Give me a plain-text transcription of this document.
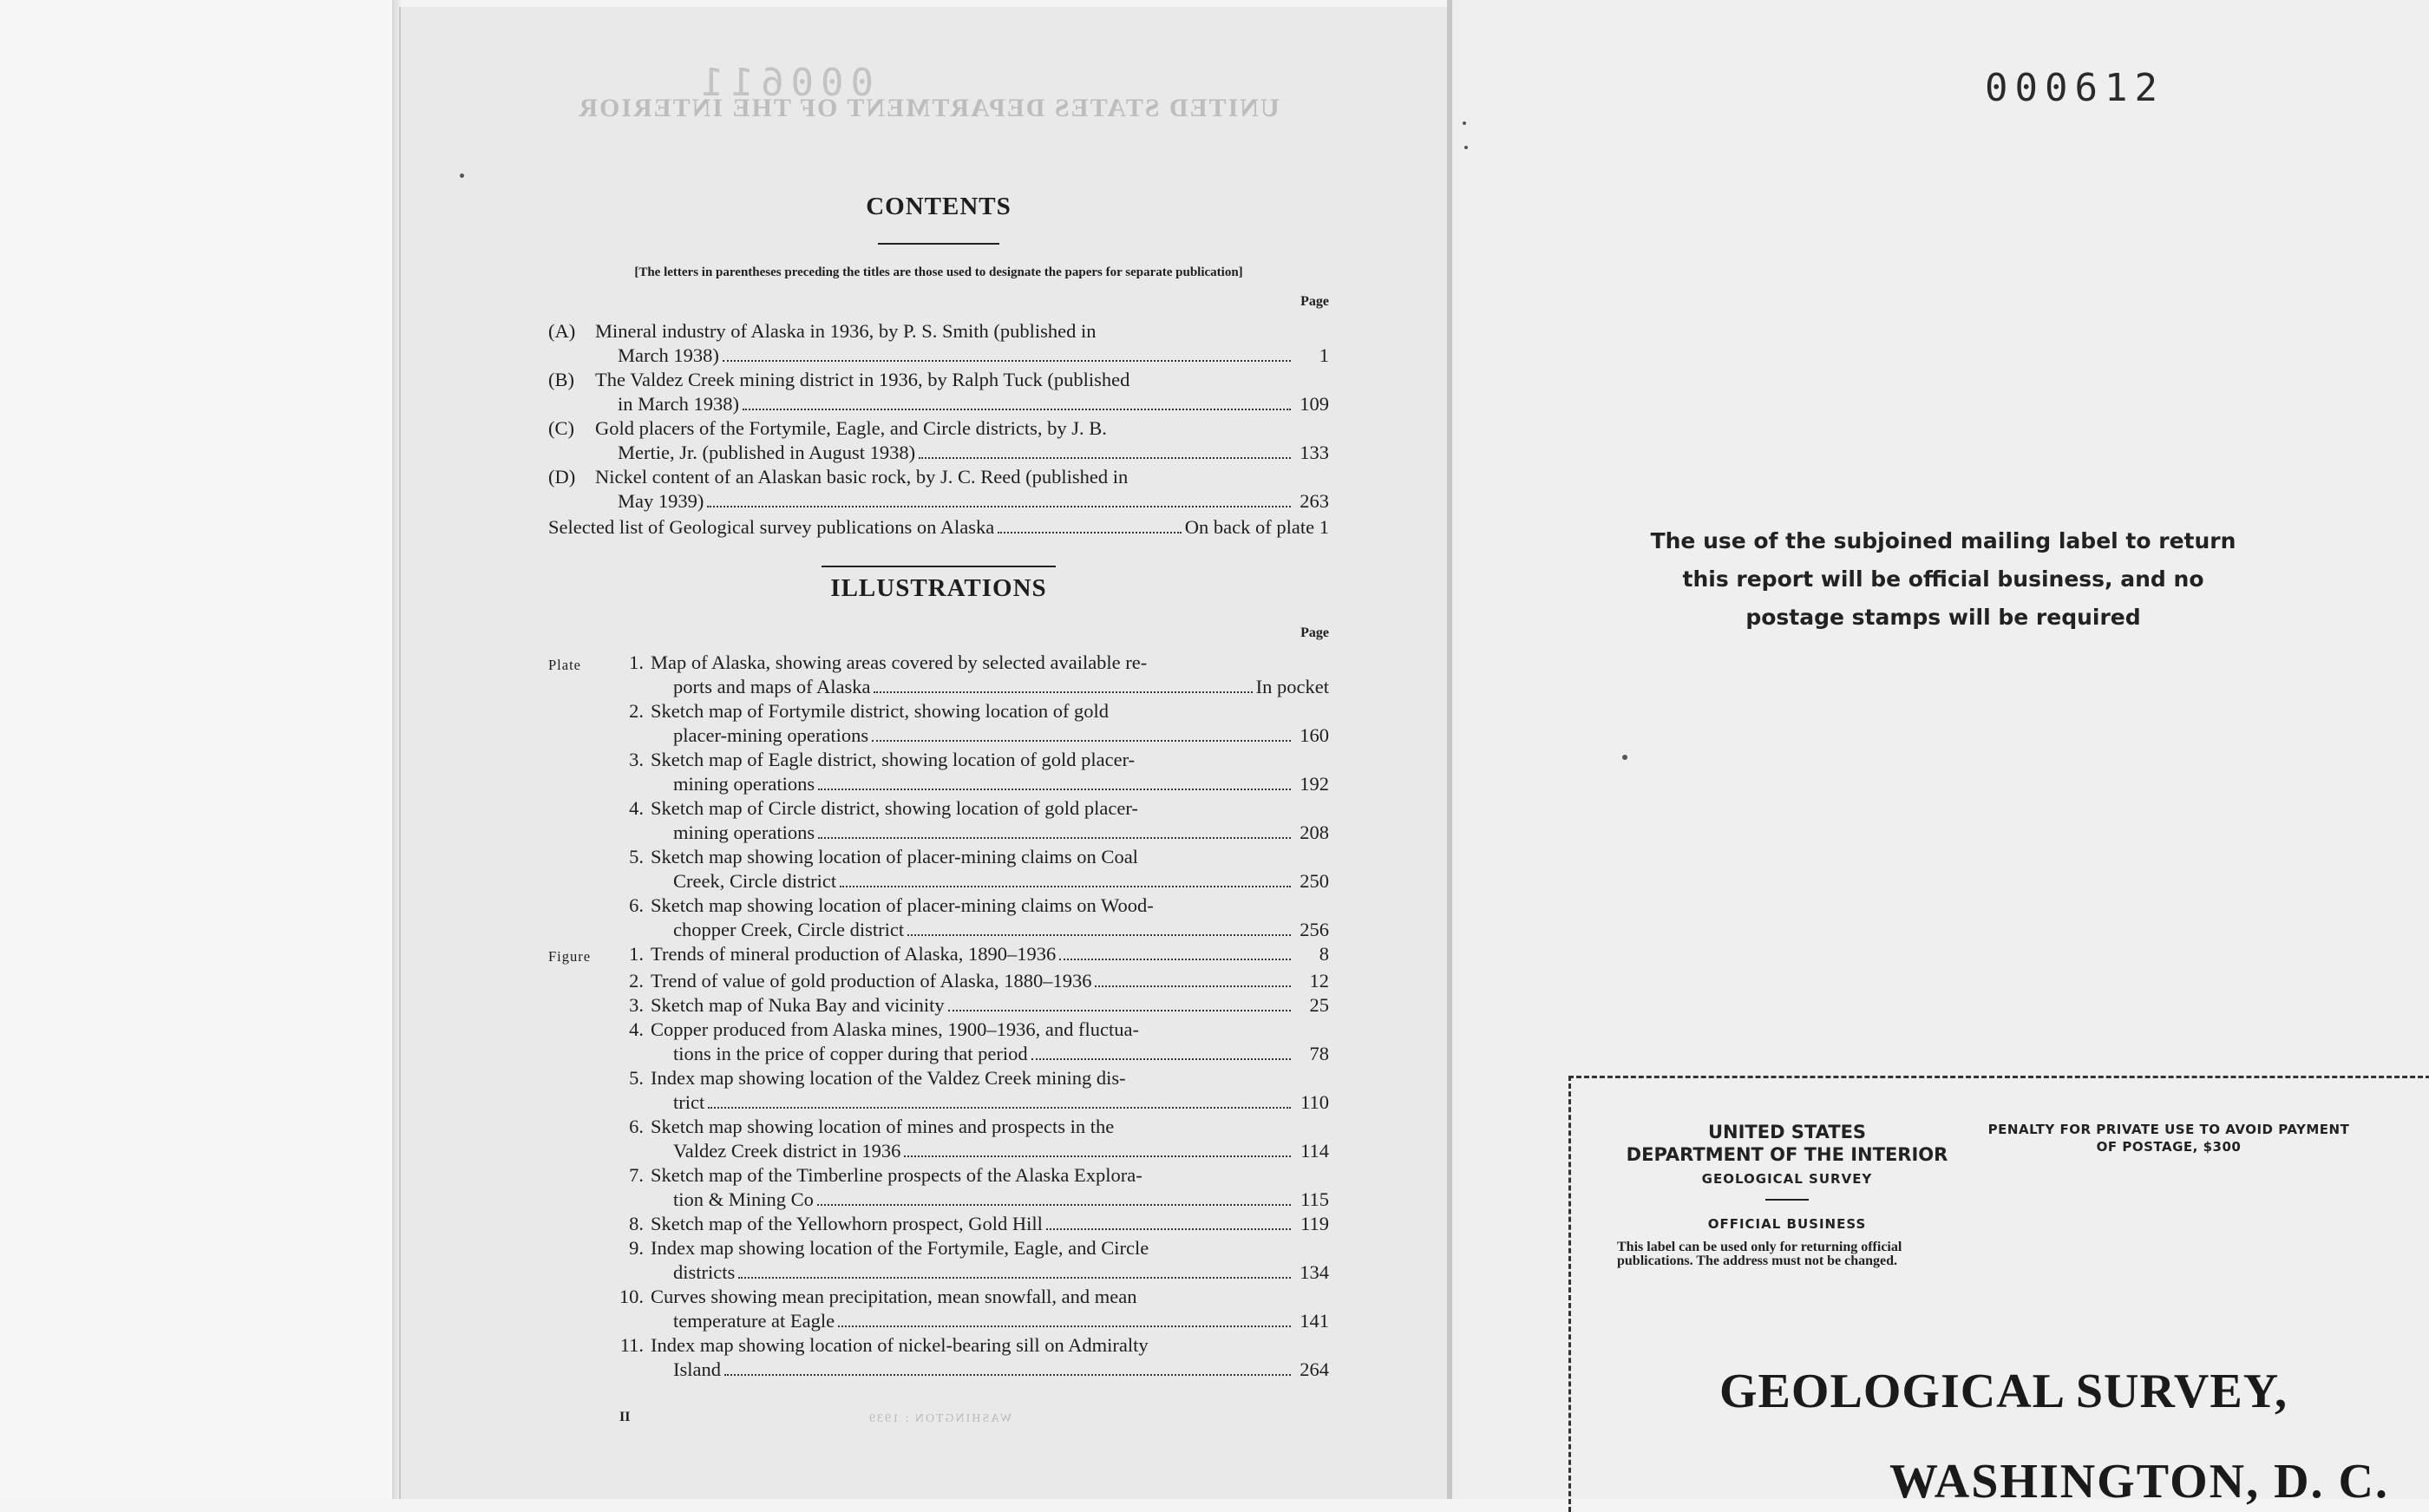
000611
UNITED STATES DEPARTMENT OF THE INTERIOR
CONTENTS
[The letters in parentheses preceding the titles are those used to designate the papers for separate publication]
Page
(A)	Mineral industry of Alaska in 1936, by P. S. Smith (published in
March 1938)	1
(B)	The Valdez Creek mining district in 1936, by Ralph Tuck (published
in March 1938)	109
(C)	Gold placers of the Fortymile, Eagle, and Circle districts, by J. B.
Mertie, Jr. (published in August 1938)	133
(D)	Nickel content of an Alaskan basic rock, by J. C. Reed (published in
May 1939)	263
Selected list of Geological survey publications on Alaska	On back of plate 1
ILLUSTRATIONS
Page
Plate	1. Map of Alaska, showing areas covered by selected available re-
ports and maps of Alaska	In pocket
2. Sketch map of Fortymile district, showing location of gold
placer-mining operations	160
3. Sketch map of Eagle district, showing location of gold placer-
mining operations	192
4. Sketch map of Circle district, showing location of gold placer-
mining operations	208
5. Sketch map showing location of placer-mining claims on Coal
Creek, Circle district	250
6. Sketch map showing location of placer-mining claims on Wood-
chopper Creek, Circle district	256
Figure	1. Trends of mineral production of Alaska, 1890–1936	8
2. Trend of value of gold production of Alaska, 1880–1936	12
3. Sketch map of Nuka Bay and vicinity	25
4. Copper produced from Alaska mines, 1900–1936, and fluctua-
tions in the price of copper during that period	78
5. Index map showing location of the Valdez Creek mining dis-
trict	110
6. Sketch map showing location of mines and prospects in the
Valdez Creek district in 1936	114
7. Sketch map of the Timberline prospects of the Alaska Explora-
tion & Mining Co	115
8. Sketch map of the Yellowhorn prospect, Gold Hill	119
9. Index map showing location of the Fortymile, Eagle, and Circle
districts	134
10. Curves showing mean precipitation, mean snowfall, and mean
temperature at Eagle	141
11. Index map showing location of nickel-bearing sill on Admiralty
Island	264
II	WASHINGTON : 1939
000612
The use of the subjoined mailing label to return this report will be official business, and no postage stamps will be required
UNITED STATES
DEPARTMENT OF THE INTERIOR
GEOLOGICAL SURVEY
OFFICIAL BUSINESS
This label can be used only for returning official publications. The address must not be changed.
PENALTY FOR PRIVATE USE TO AVOID PAYMENT OF POSTAGE, $300
GEOLOGICAL SURVEY,
WASHINGTON, D. C.
